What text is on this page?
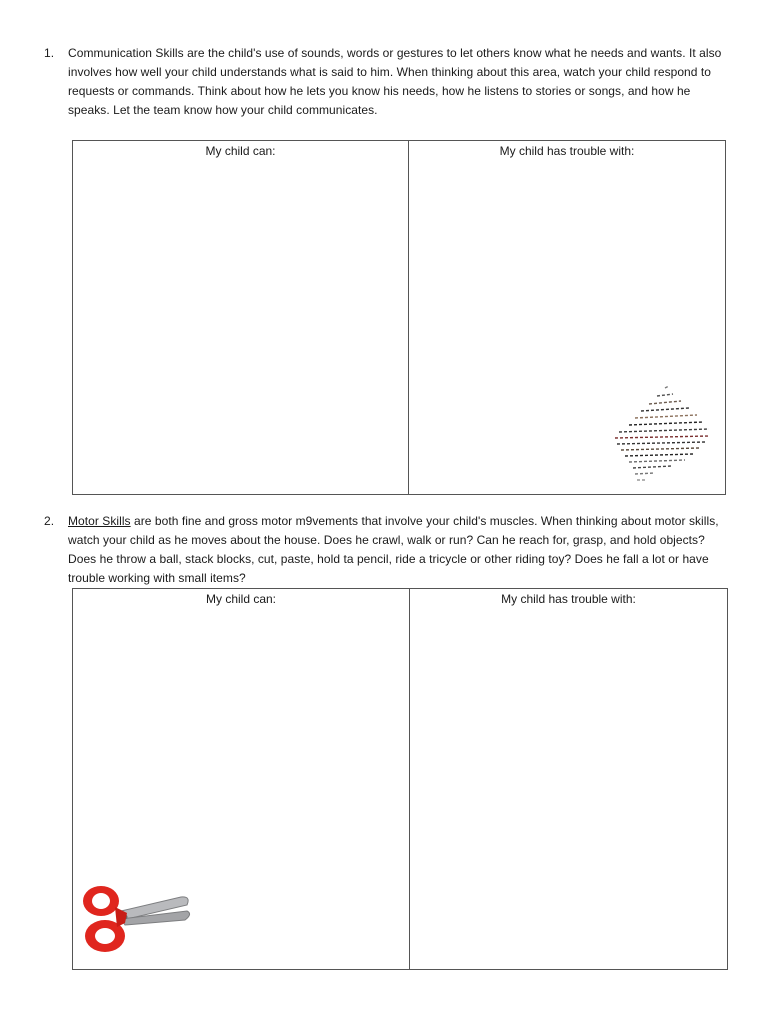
1.	Communication Skills are the child's use of sounds, words or gestures to let others know what he needs and wants. It also involves how well your child understands what is said to him. When thinking about this area, watch your child respond to requests or commands. Think about how he lets you know his needs, how he listens to stories or songs, and how he speaks. Let the team know how your child communicates.
My child can:	My child has trouble with:
2.	Motor Skills are both fine and gross motor m9vements that involve your child's muscles. When thinking about motor skills, watch your child as he moves about the house. Does he crawl, walk or run? Can he reach for, grasp, and hold objects? Does he throw a ball, stack blocks, cut, paste, hold ta pencil, ride a tricycle or other riding toy? Does he fall a lot or have trouble working with small items?
My child can:	My child has trouble with:
